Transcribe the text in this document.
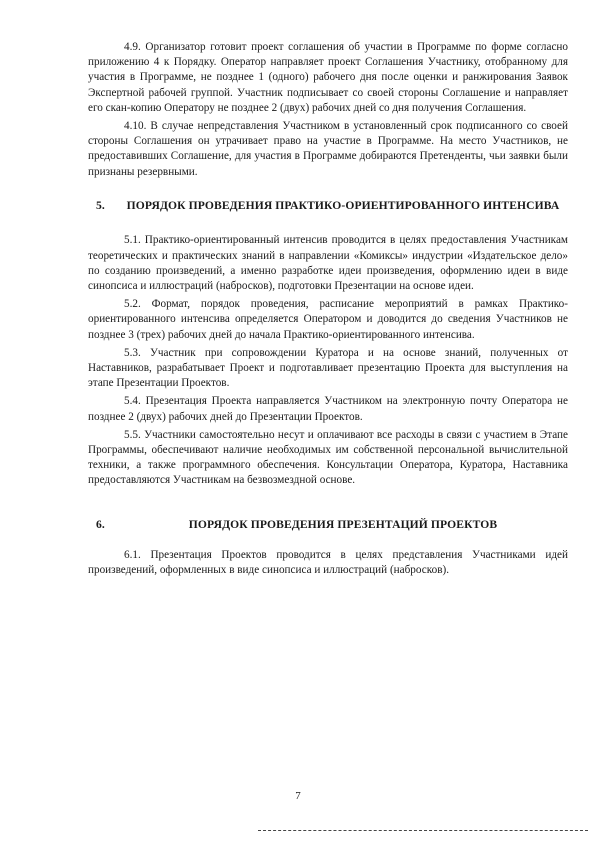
4.9. Организатор готовит проект соглашения об участии в Программе по форме согласно приложению 4 к Порядку. Оператор направляет проект Соглашения Участнику, отобранному для участия в Программе, не позднее 1 (одного) рабочего дня после оценки и ранжирования Заявок Экспертной рабочей группой. Участник подписывает со своей стороны Соглашение и направляет его скан-копию Оператору не позднее 2 (двух) рабочих дней со дня получения Соглашения.

4.10. В случае непредставления Участником в установленный срок подписанного со своей стороны Соглашения он утрачивает право на участие в Программе. На место Участников, не предоставивших Соглашение, для участия в Программе добираются Претенденты, чьи заявки были признаны резервными.

5. ПОРЯДОК ПРОВЕДЕНИЯ ПРАКТИКО-ОРИЕНТИРОВАННОГО ИНТЕНСИВА

5.1. Практико-ориентированный интенсив проводится в целях предоставления Участникам теоретических и практических знаний в направлении «Комиксы» индустрии «Издательское дело» по созданию произведений, а именно разработке идеи произведения, оформлению идеи в виде синопсиса и иллюстраций (набросков), подготовки Презентации на основе идеи.

5.2. Формат, порядок проведения, расписание мероприятий в рамках Практико-ориентированного интенсива определяется Оператором и доводится до сведения Участников не позднее 3 (трех) рабочих дней до начала Практико-ориентированного интенсива.

5.3. Участник при сопровождении Куратора и на основе знаний, полученных от Наставников, разрабатывает Проект и подготавливает презентацию Проекта для выступления на этапе Презентации Проектов.

5.4. Презентация Проекта направляется Участником на электронную почту Оператора не позднее 2 (двух) рабочих дней до Презентации Проектов.

5.5. Участники самостоятельно несут и оплачивают все расходы в связи с участием в Этапе Программы, обеспечивают наличие необходимых им собственной персональной вычислительной техники, а также программного обеспечения. Консультации Оператора, Куратора, Наставника предоставляются Участникам на безвозмездной основе.

6.	ПОРЯДОК ПРОВЕДЕНИЯ ПРЕЗЕНТАЦИЙ ПРОЕКТОВ

6.1. Презентация Проектов проводится в целях представления Участниками идей произведений, оформленных в виде синопсиса и иллюстраций (набросков).

7
